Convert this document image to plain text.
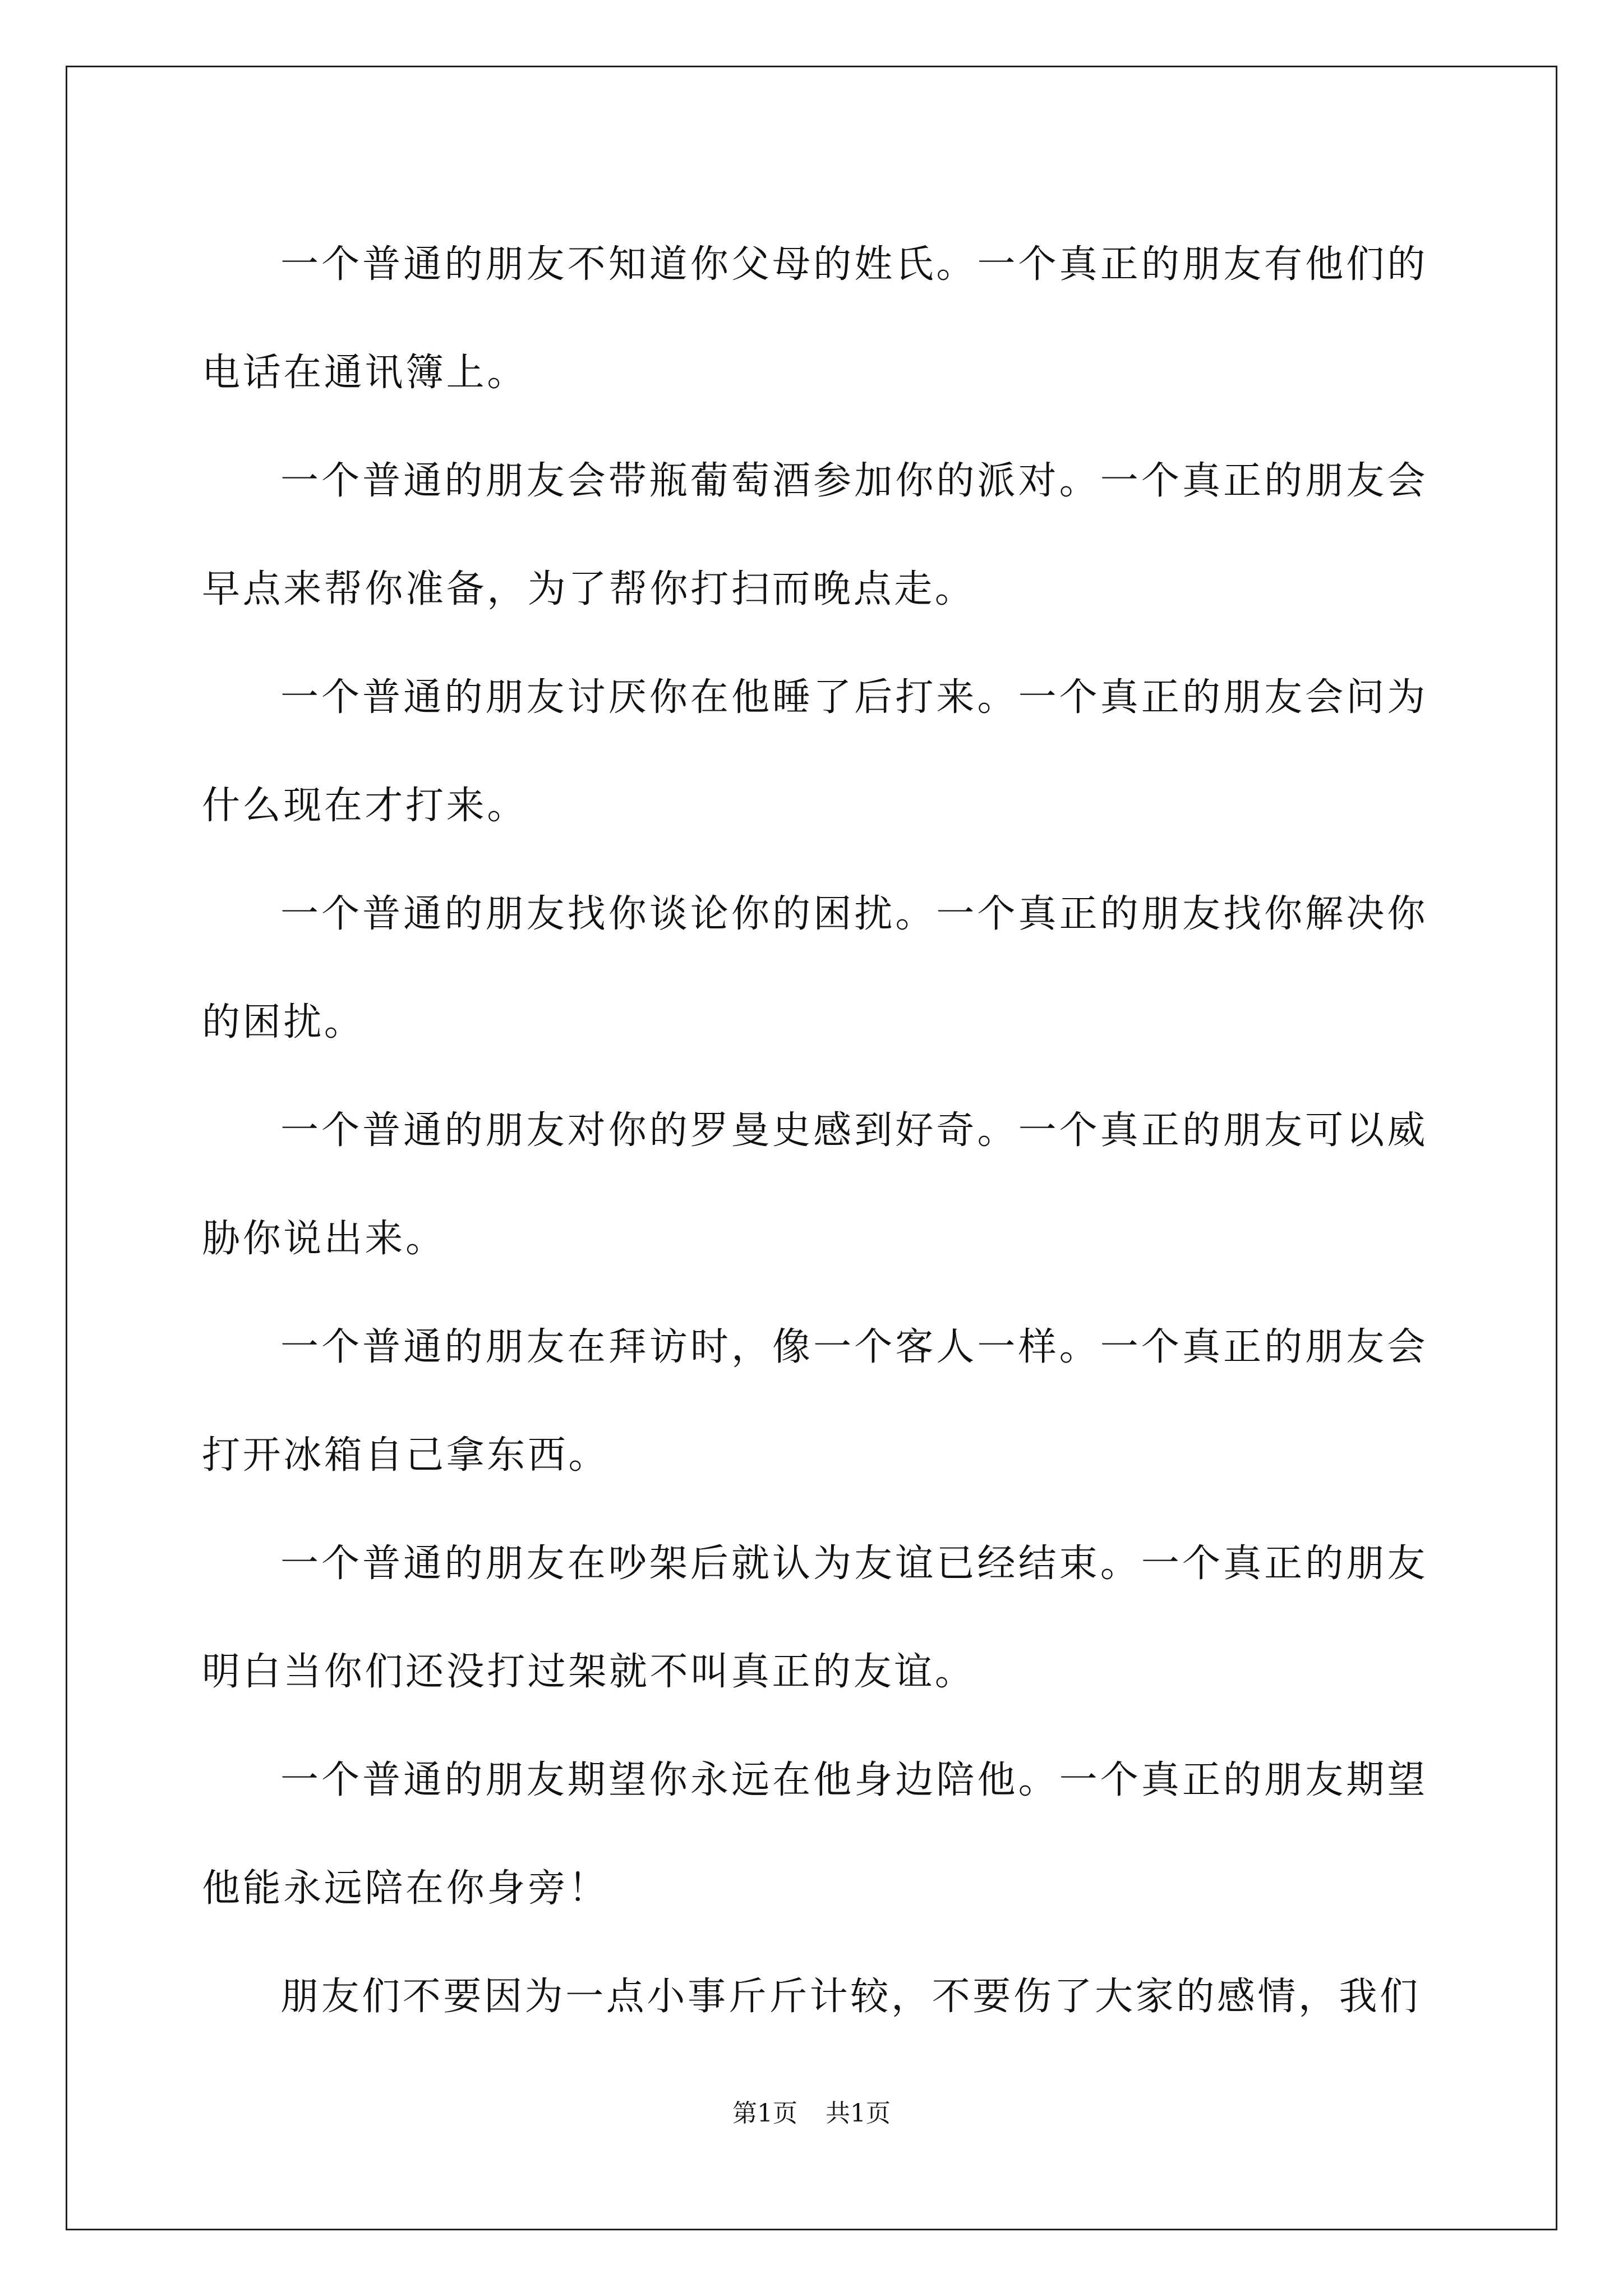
一个普通的朋友不知道你父母的姓氏。一个真正的朋友有他们的电话在通讯簿上。

一个普通的朋友会带瓶葡萄酒参加你的派对。一个真正的朋友会早点来帮你准备，为了帮你打扫而晚点走。

一个普通的朋友讨厌你在他睡了后打来。一个真正的朋友会问为什么现在才打来。

一个普通的朋友找你谈论你的困扰。一个真正的朋友找你解决你的困扰。

一个普通的朋友对你的罗曼史感到好奇。一个真正的朋友可以威胁你说出来。

一个普通的朋友在拜访时，像一个客人一样。一个真正的朋友会打开冰箱自己拿东西。

一个普通的朋友在吵架后就认为友谊已经结束。一个真正的朋友明白当你们还没打过架就不叫真正的友谊。

一个普通的朋友期望你永远在他身边陪他。一个真正的朋友期望他能永远陪在你身旁！

朋友们不要因为一点小事斤斤计较，不要伤了大家的感情，我们

第1页 共1页
